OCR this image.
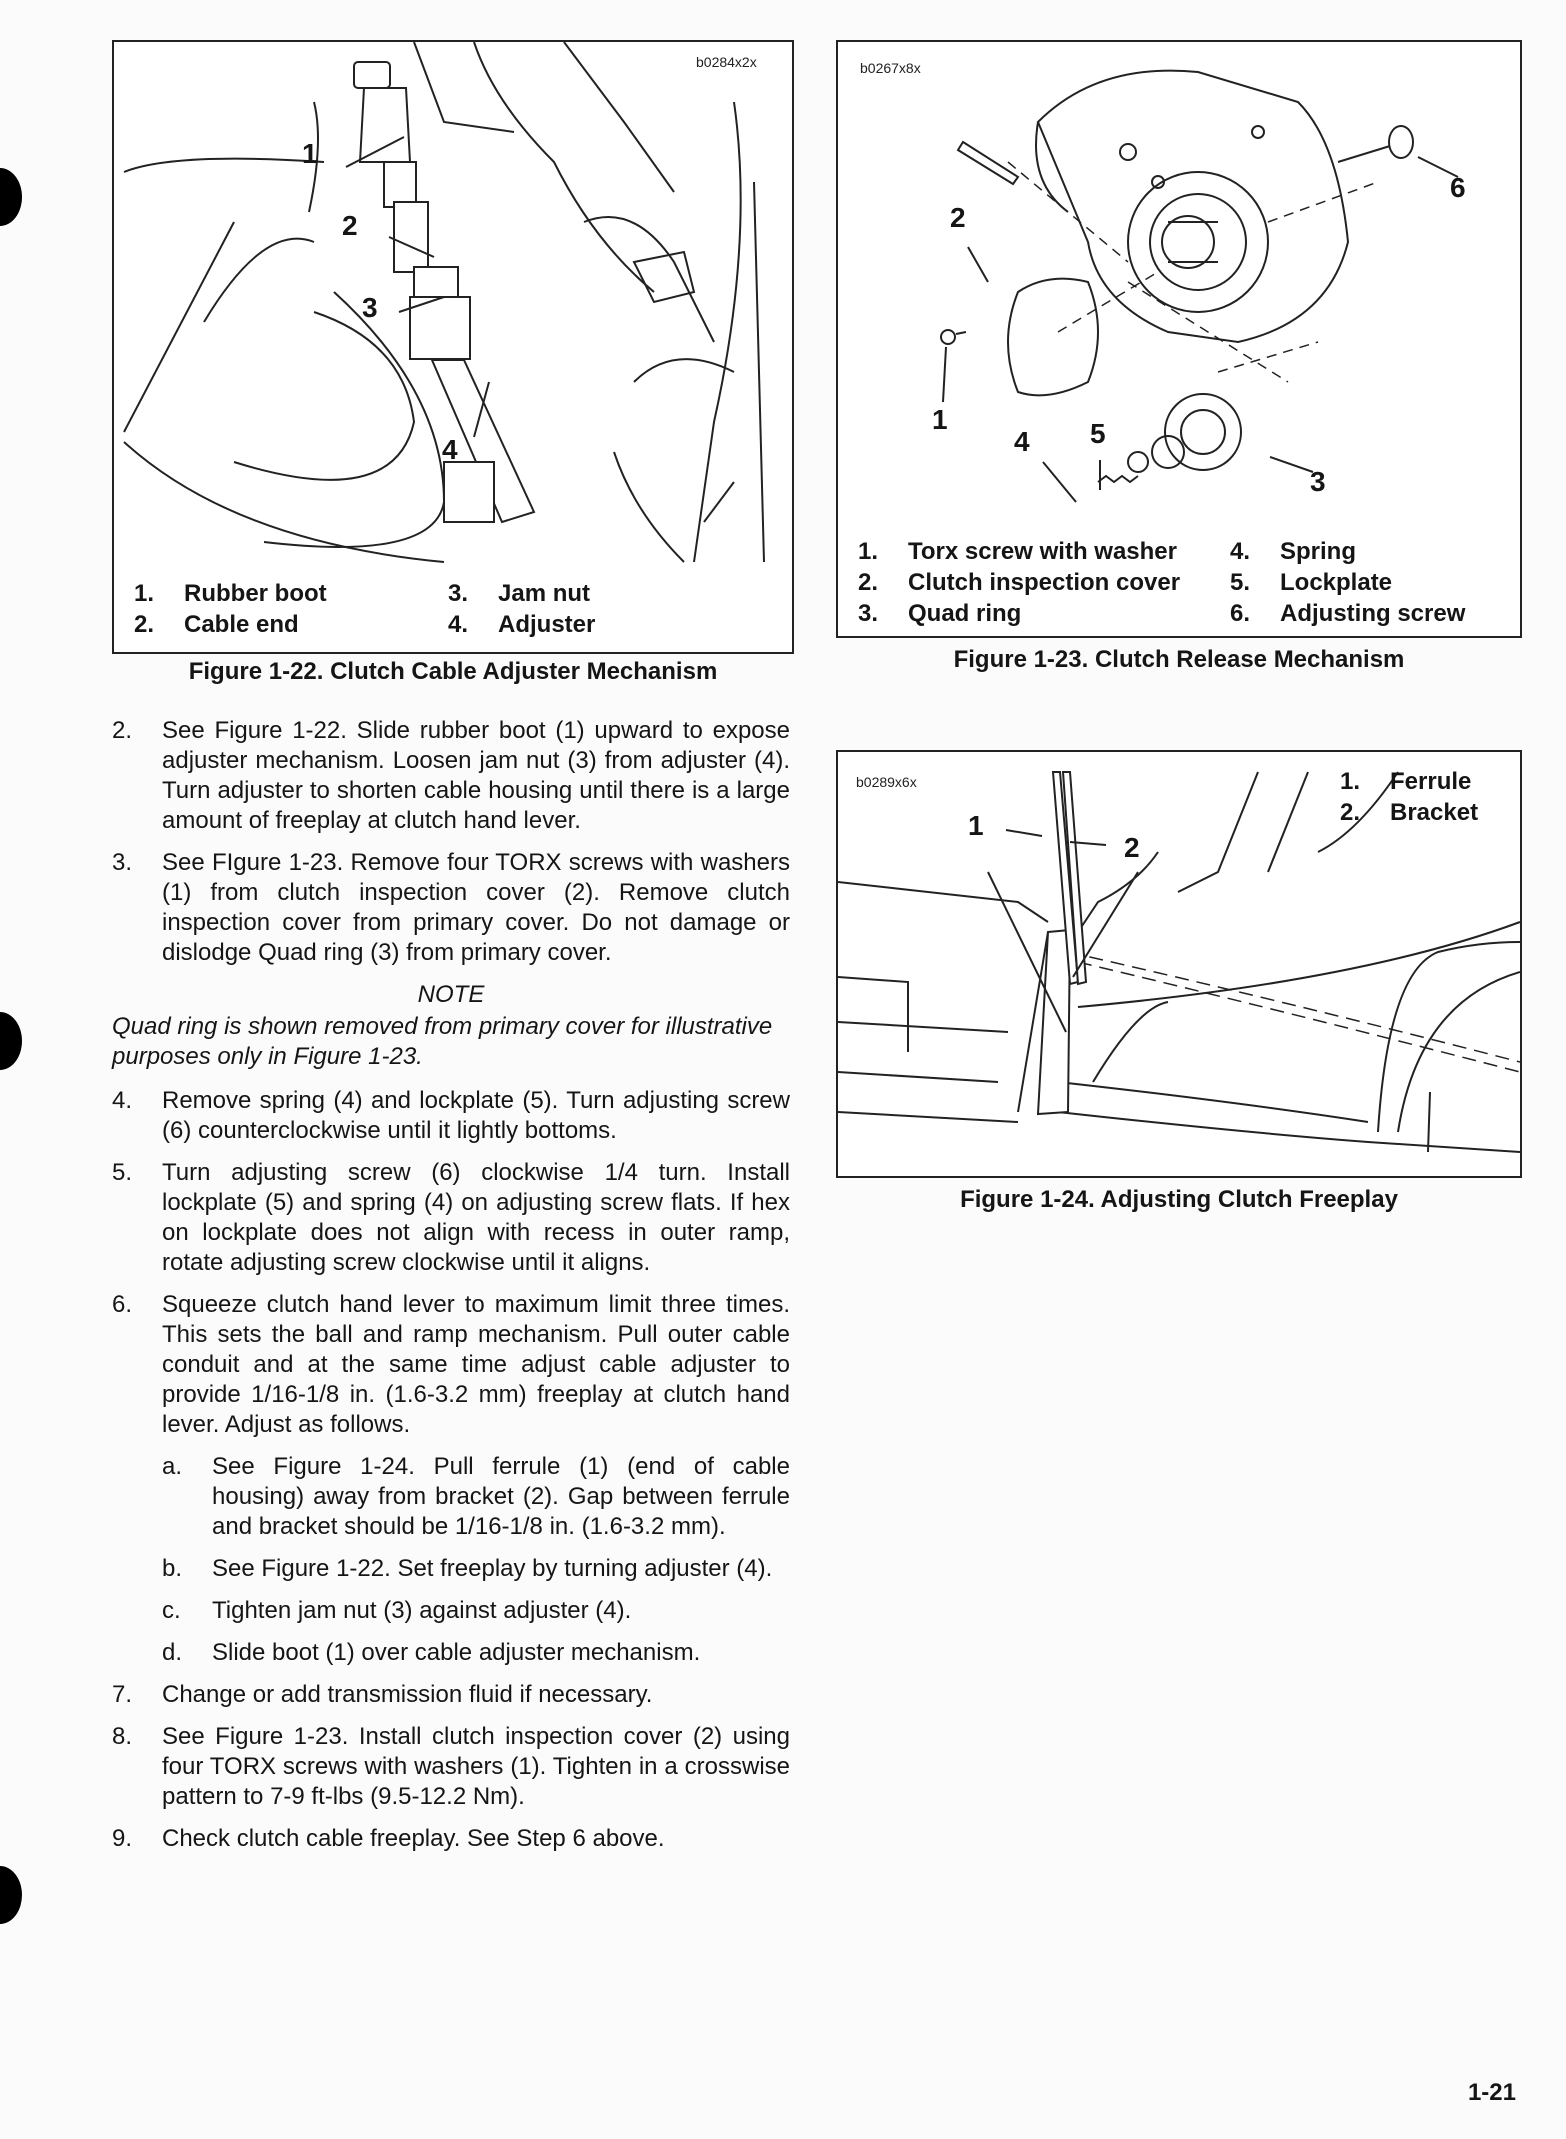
b0284x2x
1
2
3
4
1.	Rubber boot
2.	Cable end
3.	Jam nut
4.	Adjuster
Figure 1-22. Clutch Cable Adjuster Mechanism
b0267x8x
1
2
3
4 5
6
1.	Torx screw with washer
2.	Clutch inspection cover
3.	Quad ring
4.	Spring
5.	Lockplate
6.	Adjusting screw
Figure 1-23. Clutch Release Mechanism
b0289x6x
1
2
1.	Ferrule
2.	Bracket
Figure 1-24. Adjusting Clutch Freeplay
2.	See Figure 1-22. Slide rubber boot (1) upward to expose adjuster mechanism. Loosen jam nut (3) from adjuster (4). Turn adjuster to shorten cable housing until there is a large amount of freeplay at clutch hand lever.
3.	See FIgure 1-23. Remove four TORX screws with washers (1) from clutch inspection cover (2). Remove clutch inspection cover from primary cover. Do not damage or dislodge Quad ring (3) from primary cover.
NOTE
Quad ring is shown removed from primary cover for illustrative purposes only in Figure 1-23.
4.	Remove spring (4) and lockplate (5). Turn adjusting screw (6) counterclockwise until it lightly bottoms.
5.	Turn adjusting screw (6) clockwise 1/4 turn. Install lockplate (5) and spring (4) on adjusting screw flats. If hex on lockplate does not align with recess in outer ramp, rotate adjusting screw clockwise until it aligns.
6.	Squeeze clutch hand lever to maximum limit three times. This sets the ball and ramp mechanism. Pull outer cable conduit and at the same time adjust cable adjuster to provide 1/16-1/8 in. (1.6-3.2 mm) freeplay at clutch hand lever. Adjust as follows.
a.	See Figure 1-24. Pull ferrule (1) (end of cable housing) away from bracket (2). Gap between ferrule and bracket should be 1/16-1/8 in. (1.6-3.2 mm).
b.	See Figure 1-22. Set freeplay by turning adjuster (4).
c.	Tighten jam nut (3) against adjuster (4).
d.	Slide boot (1) over cable adjuster mechanism.
7.	Change or add transmission fluid if necessary.
8.	See Figure 1-23. Install clutch inspection cover (2) using four TORX screws with washers (1). Tighten in a crosswise pattern to 7-9 ft-lbs (9.5-12.2 Nm).
9.	Check clutch cable freeplay. See Step 6 above.
1-21
